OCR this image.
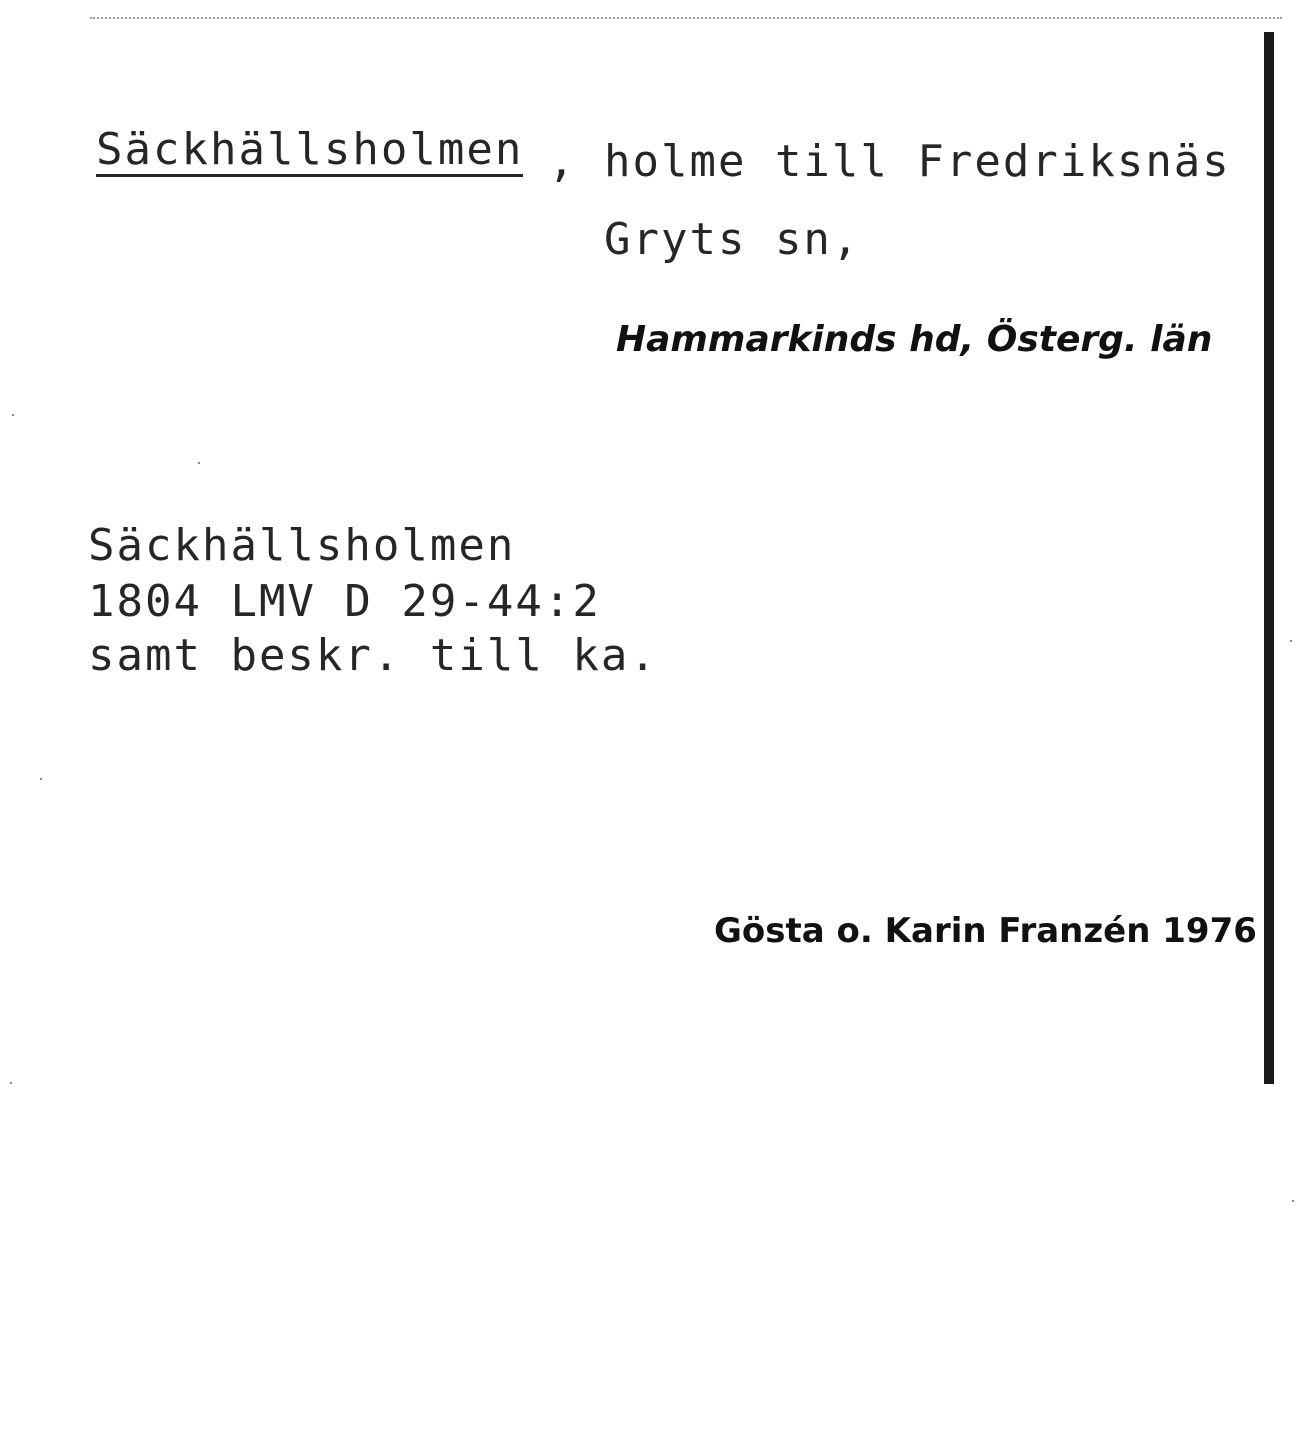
Säckhällsholmen , holme till Fredriksnäs
Gryts sn,
Hammarkinds hd, Österg. län
Säckhällsholmen
1804 LMV D 29-44:2
samt beskr. till ka.
Gösta o. Karin Franzén 1976
